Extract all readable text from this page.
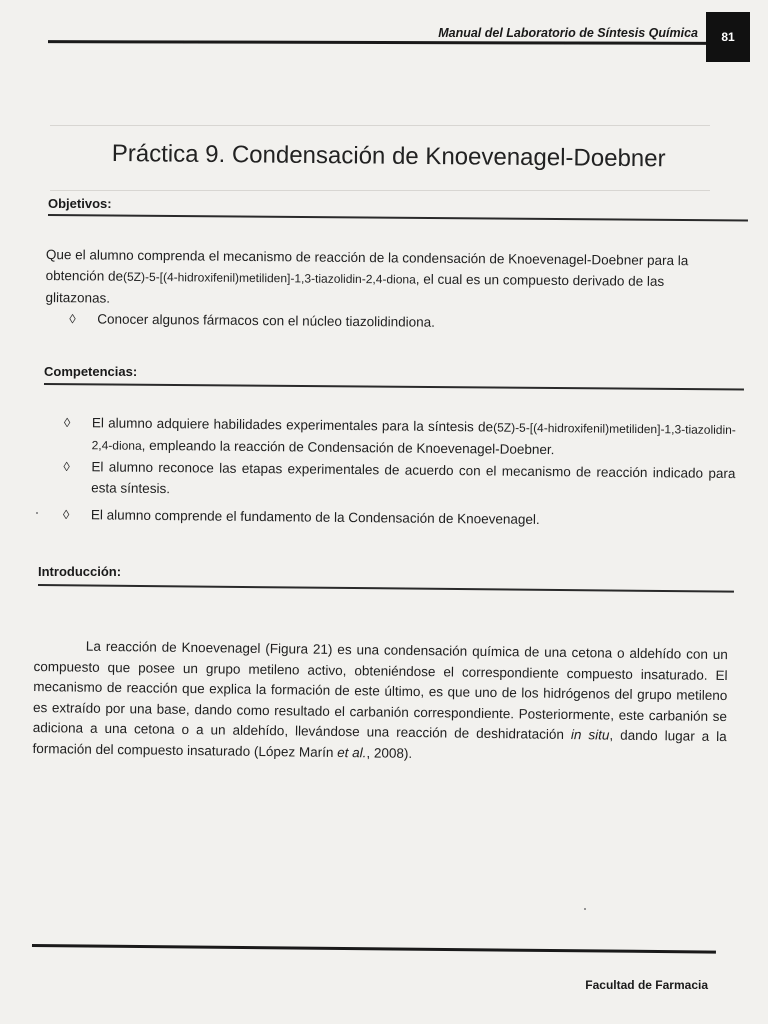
Manual del Laboratorio de Síntesis Química 81
Práctica 9. Condensación de Knoevenagel-Doebner
Objetivos:

Que el alumno comprenda el mecanismo de reacción de la condensación de Knoevenagel-Doebner para la obtención de(5Z)-5-[(4-hidroxifenil)metiliden]-1,3-tiazolidin-2,4-diona, el cual es un compuesto derivado de las glitazonas.

◊ Conocer algunos fármacos con el núcleo tiazolidindiona.
Competencias:
◊ El alumno adquiere habilidades experimentales para la síntesis de(5Z)-5-[(4-hidroxifenil)metiliden]-1,3-tiazolidin-2,4-diona, empleando la reacción de Condensación de Knoevenagel-Doebner.
◊ El alumno reconoce las etapas experimentales de acuerdo con el mecanismo de reacción indicado para esta síntesis.
◊ El alumno comprende el fundamento de la Condensación de Knoevenagel.
Introducción:

La reacción de Knoevenagel (Figura 21) es una condensación química de una cetona o aldehído con un compuesto que posee un grupo metileno activo, obteniéndose el correspondiente compuesto insaturado. El mecanismo de reacción que explica la formación de este último, es que uno de los hidrógenos del grupo metileno es extraído por una base, dando como resultado el carbanión correspondiente. Posteriormente, este carbanión se adiciona a una cetona o a un aldehído, llevándose una reacción de deshidratación in situ, dando lugar a la formación del compuesto insaturado (López Marín et al., 2008).

Facultad de Farmacia
